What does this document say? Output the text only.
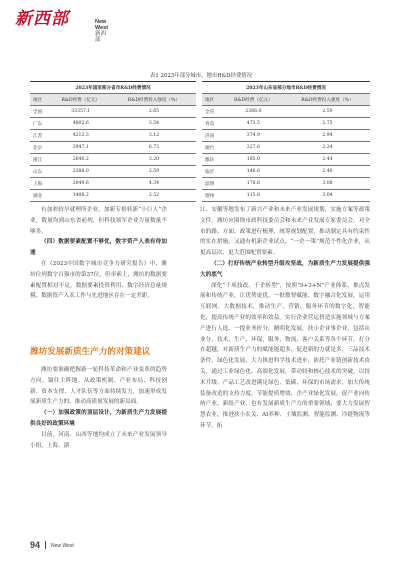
新西部	New West
新西部
表1 2023年部分城市、地市R&D经费情况
2023年国家部分省市R&D经费情况		
地区	R&D经费（亿元）	R&D经费投入强度（%）
全国	33357.1	2.65
广东	4802.6	3.54
江苏	4212.3	3.12
北京	2947.1	6.73
浙江	2640.2	3.20
山东	2386.0	2.59
上海	2049.6	4.34
湖北	1408.2	2.52
2023年山东省部分地市R&D经费情况		
地区	R&D经费（亿元）	R&D经费投入强度（%）
全省	2386.0	2.59
青岛	473.5	2.75
济南	374.9	2.94
烟台	227.6	2.24
潍坊	185.0	2.44
临沂	146.6	2.40
淄博	178.8	3.08
德州	115.8	3.04

有加彩较早就理所企业，加新专格转新“小巨人”企业，数量均到山东省前列，但科技领军企业力量数量不够多。

（四）数据要素配置不够优，数字资产人表有待加速

在《2023中国数字城市竞争力研究报告》中，潍坊位列数字百强市的第37位，但率索上，潍坊的数据要素配置相对不足，数据要素投资利用、数字经济总量规模、数据资产入表工作与先进地区存在一定差距。

潍坊发展新质生产力的对策建议

潍坊要准确把握新一轮科技革命和产业变革的趋势方向，锚住主阵地、从政策机制、产业布局、科技创新、资本支撑、人才队伍等方面持续发力，加速形成发展新质生产力的、推动高质量发展的新局面。

（一）加强政策的顶层设计，为新质生产力发展提供良好的政策环境

目前，河南、山西等地均成立了未来产业发展领导小组，上海、浙

江、安徽等地发布了新兴产业和未来产业发展规划，实施方案等政策文件。潍坊应围绕市政科技委员会和未来产业发展专家委员会，对全市的路、方面、政策进行梳理，统筹规划配置，推动制定具有约束性的实在措施，又通有机新企业试点，“一企一策”规范个性化企业，从更高层次、更大范围配置要素。

（二）打好传统产业转型升级攻坚战，为新质生产力发展提供强大的底气

深化“千项技改、千企转型”，按照“9+3+N”产业体系，推点发展和传统产业，让优势更优。一批数智赋能、数字融合化发展，运用互联网、大数据技术，推动生产、营销、服务环节的数字化，智能化，提高传统产业的效率和效益。实行企业营运智造实施领域与方案产进行人选、一提业务折分，精明化发展，扶小企业事企业，包括从业分、技术、生产、环保，服务、物流、客户关系等各个环节，打分在超越，对新质生产力的赋能能超多，促进新的力就是多，三品技术条件、绿色化发展，大力推进科学技术进步，依托产业链创新技术攻关，通过工业绿色化、高端化发展，带动较和核心技术的突破，以技术升级、产品工艺改进满足绿色、低碳、环保的市场需求，加大传统装备改造的支持力度，节能提质增效，企产业绿化发展，促产业向传统产业、新组产业，也有发展新质生产力的重要领域，要大力发展智慧农业，推进扶小农关、AI养种、土壤监测、智能监测、冷链物流等环节，拓

94 New West
